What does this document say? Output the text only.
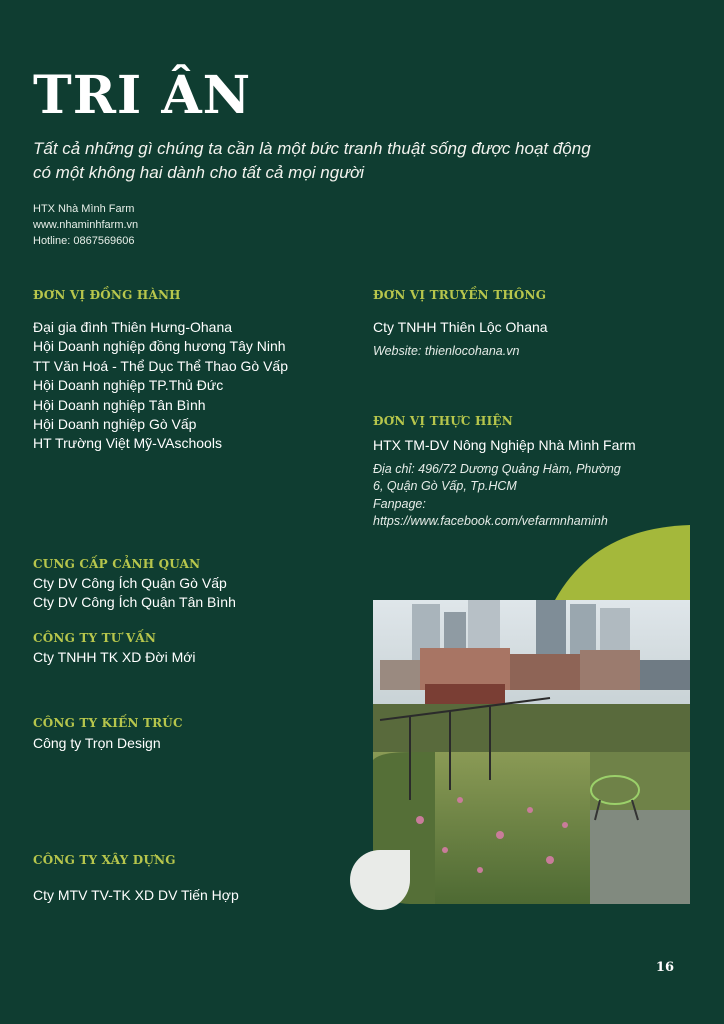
TRI ÂN
Tất cả những gì chúng ta cần là một bức tranh thuật sống được hoạt động
có một không hai dành cho tất cả mọi người
HTX Nhà Mình Farm
www.nhaminhfarm.vn
Hotline: 0867569606
ĐƠN VỊ ĐỒNG HÀNH
Đại gia đình Thiên Hưng-Ohana
Hội Doanh nghiệp đồng hương Tây Ninh
TT Văn Hoá - Thể Dục Thể Thao Gò Vấp
Hội Doanh nghiệp TP.Thủ Đức
Hội Doanh nghiệp Tân Bình
Hội Doanh nghiệp Gò Vấp
HT Trường Việt Mỹ-VAschools
CUNG CẤP CẢNH QUAN
Cty DV Công Ích Quận Gò Vấp
Cty DV Công Ích Quận Tân Bình
CÔNG TY TƯ VẤN
Cty TNHH TK XD Đời Mới
CÔNG TY KIẾN TRÚC
Công ty Trọn Design
CÔNG TY XÂY DỰNG
Cty MTV TV-TK XD DV Tiến Hợp
ĐƠN VỊ TRUYỀN THÔNG
Cty TNHH Thiên Lộc Ohana
Website: thienlocohana.vn
ĐƠN VỊ THỰC HIỆN
HTX TM-DV Nông Nghiệp Nhà Mình Farm
Địa chỉ: 496/72 Dương Quảng Hàm, Phường
6, Quận Gò Vấp, Tp.HCM
Fanpage:
https://www.facebook.com/vefarmnhaminh
16
